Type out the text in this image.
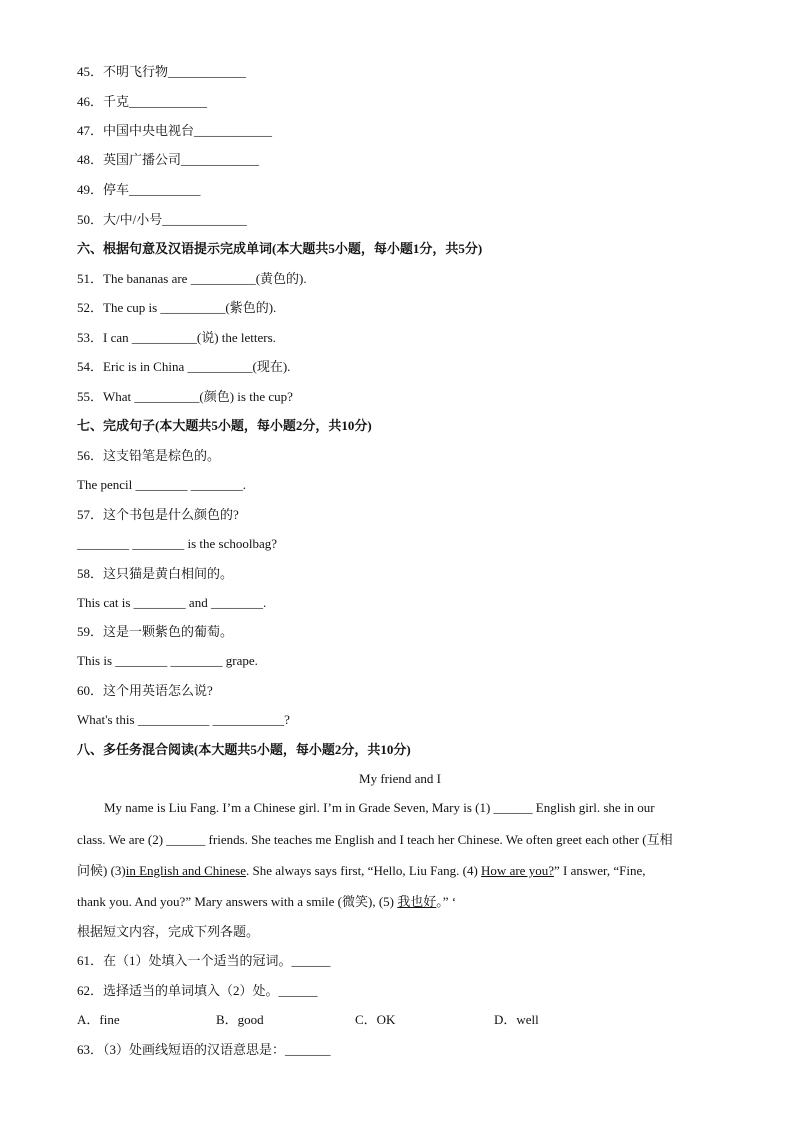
45．不明飞行物____________
46．千克____________
47．中国中央电视台____________
48．英国广播公司____________
49．停车___________
50．大/中/小号_____________
六、根据句意及汉语提示完成单词(本大题共5小题，每小题1分，共5分)
51．The bananas are __________(黄色的).
52．The cup is __________(紫色的).
53．I can __________(说) the letters.
54．Eric is in China __________(现在).
55．What __________(颜色) is the cup?
七、完成句子(本大题共5小题，每小题2分，共10分)
56．这支铅笔是棕色的。
The pencil ________ ________.
57．这个书包是什么颜色的?
________ ________ is the schoolbag?
58．这只猫是黄白相间的。
This cat is ________ and ________.
59．这是一颗紫色的葡萄。
This is ________ ________ grape.
60．这个用英语怎么说?
What's this ___________ ___________?
八、多任务混合阅读(本大题共5小题，每小题2分，共10分)
My friend and I
My name is Liu Fang. I’m a Chinese girl. I’m in Grade Seven, Mary is (1) ______ English girl. she in our
class. We are (2) ______ friends. She teaches me English and I teach her Chinese. We often greet each other (互相
问候) (3)in English and Chinese. She always says first, “Hello, Liu Fang. (4) How are you?” I answer, “Fine,
thank you. And you?” Mary answers with a smile (微笑), (5) 我也好。” ‘
根据短文内容，完成下列各题。
61．在（1）处填入一个适当的冠词。______
62．选择适当的单词填入（2）处。______
A．fine	B．good	C．OK	D．well
63．（3）处画线短语的汉语意思是：_______
